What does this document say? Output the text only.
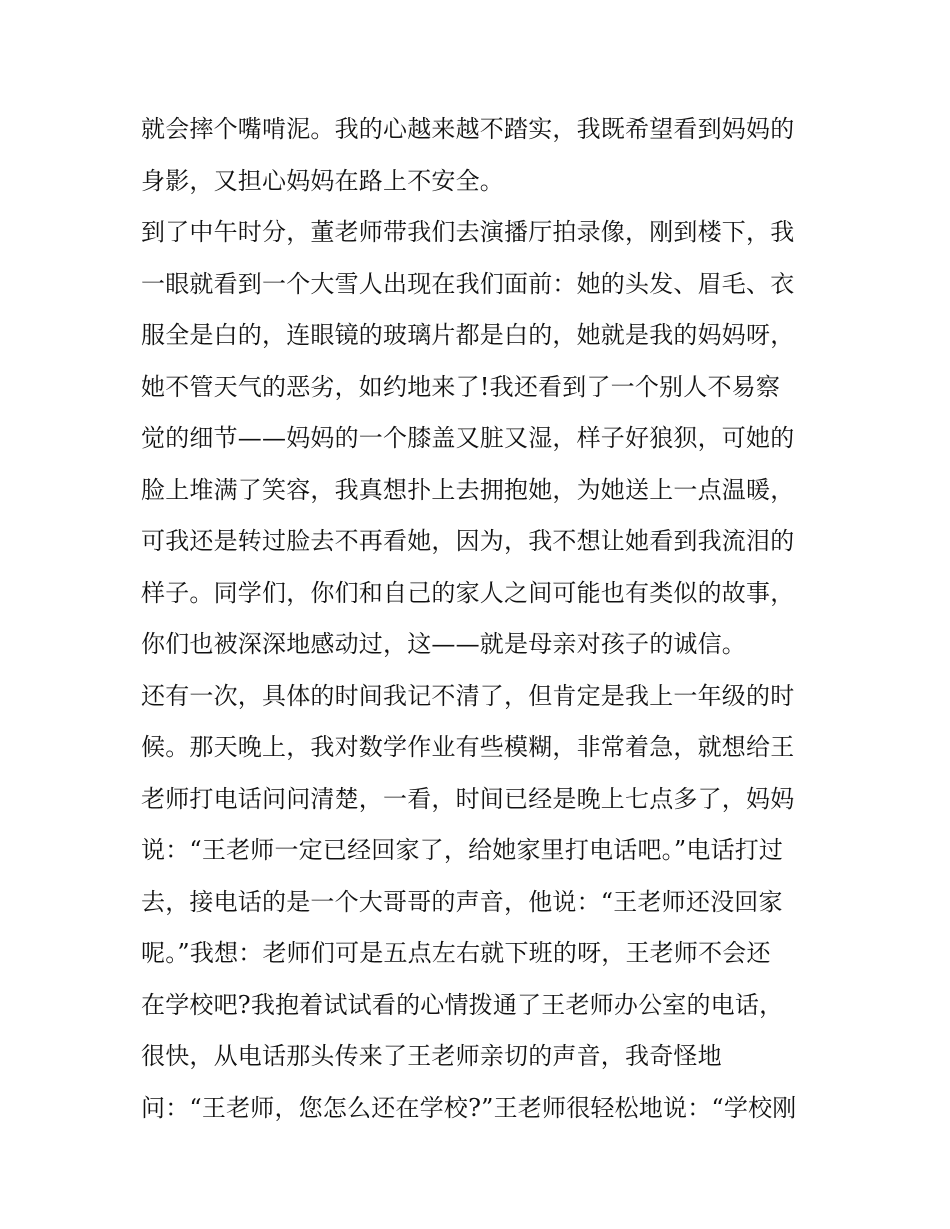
就会摔个嘴啃泥。我的心越来越不踏实，我既希望看到妈妈的
身影，又担心妈妈在路上不安全。
到了中午时分，董老师带我们去演播厅拍录像，刚到楼下，我
一眼就看到一个大雪人出现在我们面前：她的头发、眉毛、衣
服全是白的，连眼镜的玻璃片都是白的，她就是我的妈妈呀，
她不管天气的恶劣，如约地来了!我还看到了一个别人不易察
觉的细节——妈妈的一个膝盖又脏又湿，样子好狼狈，可她的
脸上堆满了笑容，我真想扑上去拥抱她，为她送上一点温暖，
可我还是转过脸去不再看她，因为，我不想让她看到我流泪的
样子。同学们，你们和自己的家人之间可能也有类似的故事，
你们也被深深地感动过，这——就是母亲对孩子的诚信。
还有一次，具体的时间我记不清了，但肯定是我上一年级的时
候。那天晚上，我对数学作业有些模糊，非常着急，就想给王
老师打电话问问清楚，一看，时间已经是晚上七点多了，妈妈
说：“王老师一定已经回家了，给她家里打电话吧。”电话打过
去，接电话的是一个大哥哥的声音，他说：“王老师还没回家
呢。”我想：老师们可是五点左右就下班的呀，王老师不会还
在学校吧?我抱着试试看的心情拨通了王老师办公室的电话，
很快，从电话那头传来了王老师亲切的声音，我奇怪地
问：“王老师，您怎么还在学校?”王老师很轻松地说：“学校刚
